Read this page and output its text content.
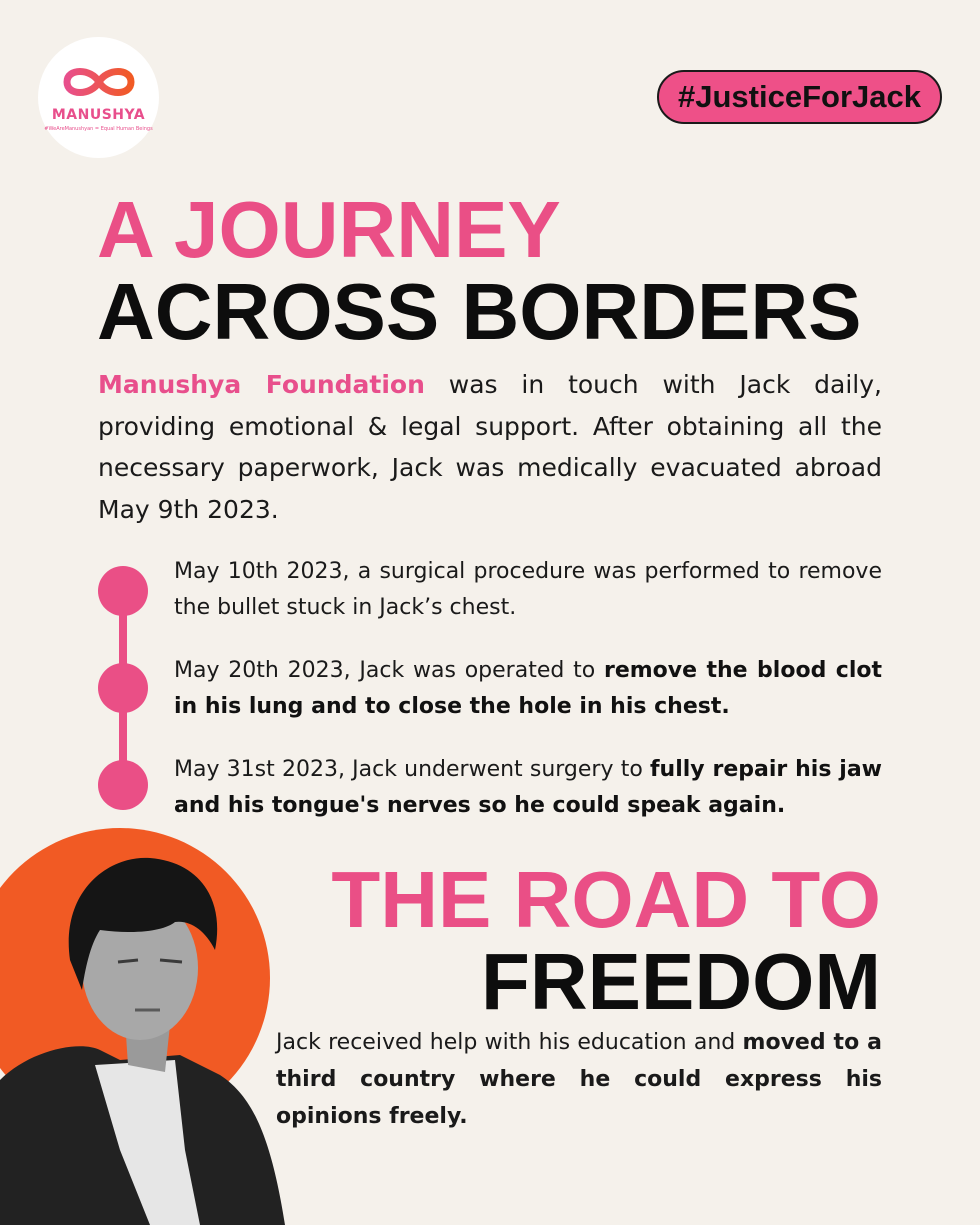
MANUSHYA
#WeAreManushyan = Equal Human Beings
#JusticeForJack
A JOURNEY
ACROSS BORDERS

Manushya Foundation was in touch with Jack daily, providing emotional & legal support. After obtaining all the necessary paperwork, Jack was medically evacuated abroad May 9th 2023.

May 10th 2023, a surgical procedure was performed to remove the bullet stuck in Jack’s chest.

May 20th 2023, Jack was operated to remove the blood clot in his lung and to close the hole in his chest.

May 31st 2023, Jack underwent surgery to fully repair his jaw and his tongue's nerves so he could speak again.

THE ROAD TO
FREEDOM

Jack received help with his education and moved to a third country where he could express his opinions freely.
